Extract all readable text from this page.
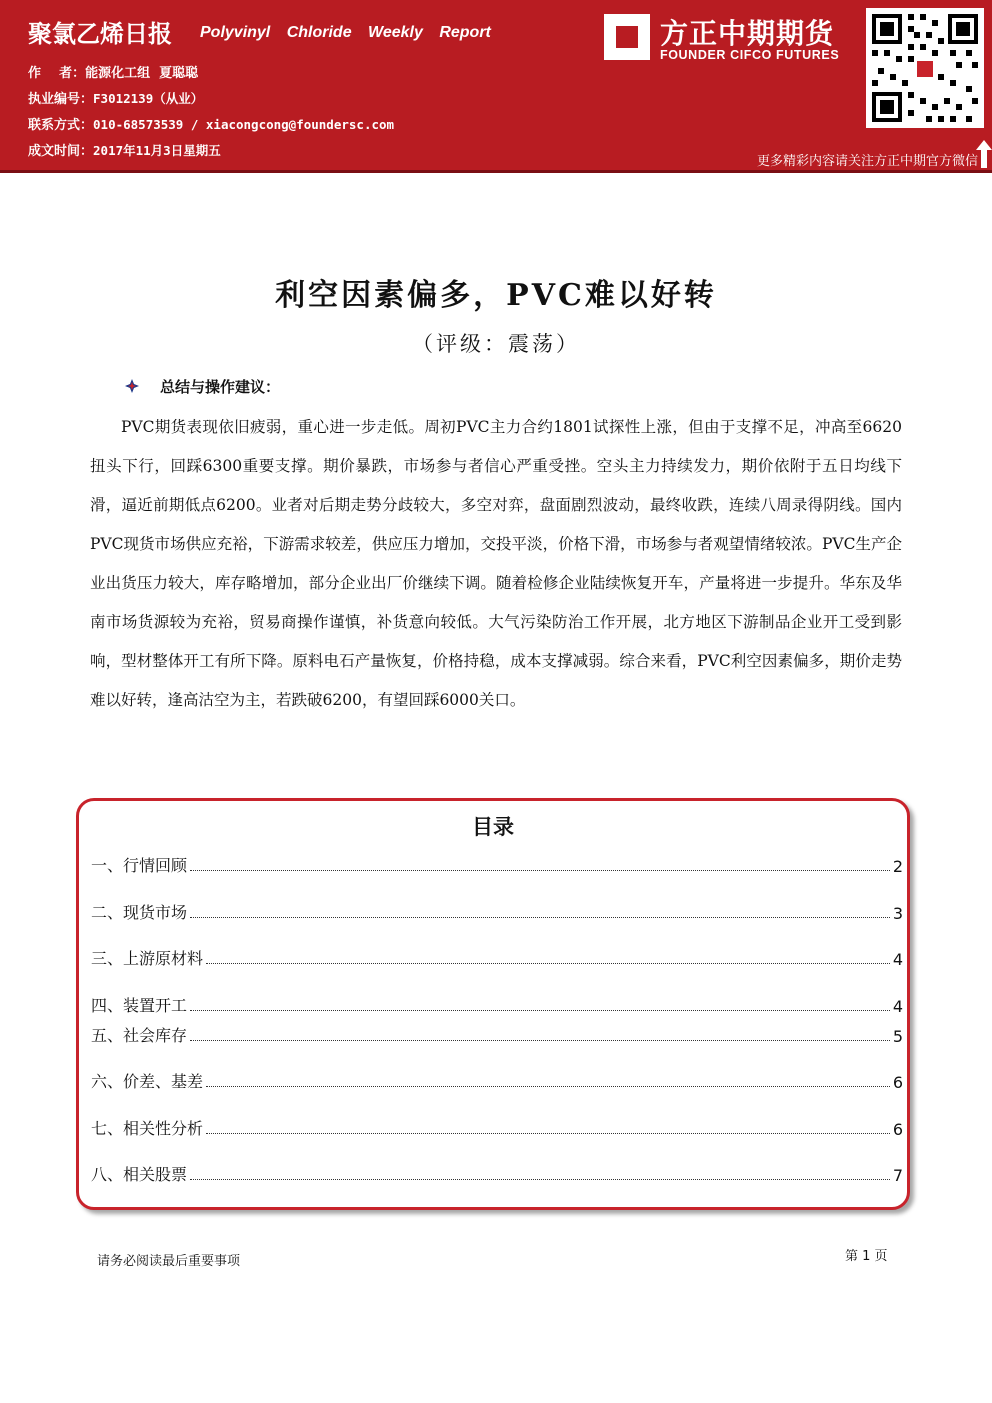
聚氯乙烯日报 Polyvinyl Chloride Weekly Report
作    者：能源化工组  夏聪聪
执业编号：F3012139（从业）
联系方式：010-68573539 / xiacongcong@foundersc.com
成文时间：2017年11月3日星期五
方正中期期货
FOUNDER CIFCO FUTURES
更多精彩内容请关注方正中期官方微信
利空因素偏多，PVC难以好转
（评级：震荡）
总结与操作建议：
PVC期货表现依旧疲弱，重心进一步走低。周初PVC主力合约1801试探性上涨，但由于支撑不足，冲高至6620扭头下行，回踩6300重要支撑。期价暴跌，市场参与者信心严重受挫。空头主力持续发力，期价依附于五日均线下滑，逼近前期低点6200。业者对后期走势分歧较大，多空对弈，盘面剧烈波动，最终收跌，连续八周录得阴线。国内PVC现货市场供应充裕，下游需求较差，供应压力增加，交投平淡，价格下滑，市场参与者观望情绪较浓。PVC生产企业出货压力较大，库存略增加，部分企业出厂价继续下调。随着检修企业陆续恢复开车，产量将进一步提升。华东及华南市场货源较为充裕，贸易商操作谨慎，补货意向较低。大气污染防治工作开展，北方地区下游制品企业开工受到影响，型材整体开工有所下降。原料电石产量恢复，价格持稳，成本支撑减弱。综合来看，PVC利空因素偏多，期价走势难以好转，逢高沽空为主，若跌破6200，有望回踩6000关口。
目录
一、行情回顾	2
二、现货市场	3
三、上游原材料	4
四、装置开工	4
五、社会库存	5
六、价差、基差	6
七、相关性分析	6
八、相关股票	7
请务必阅读最后重要事项	第 1 页
